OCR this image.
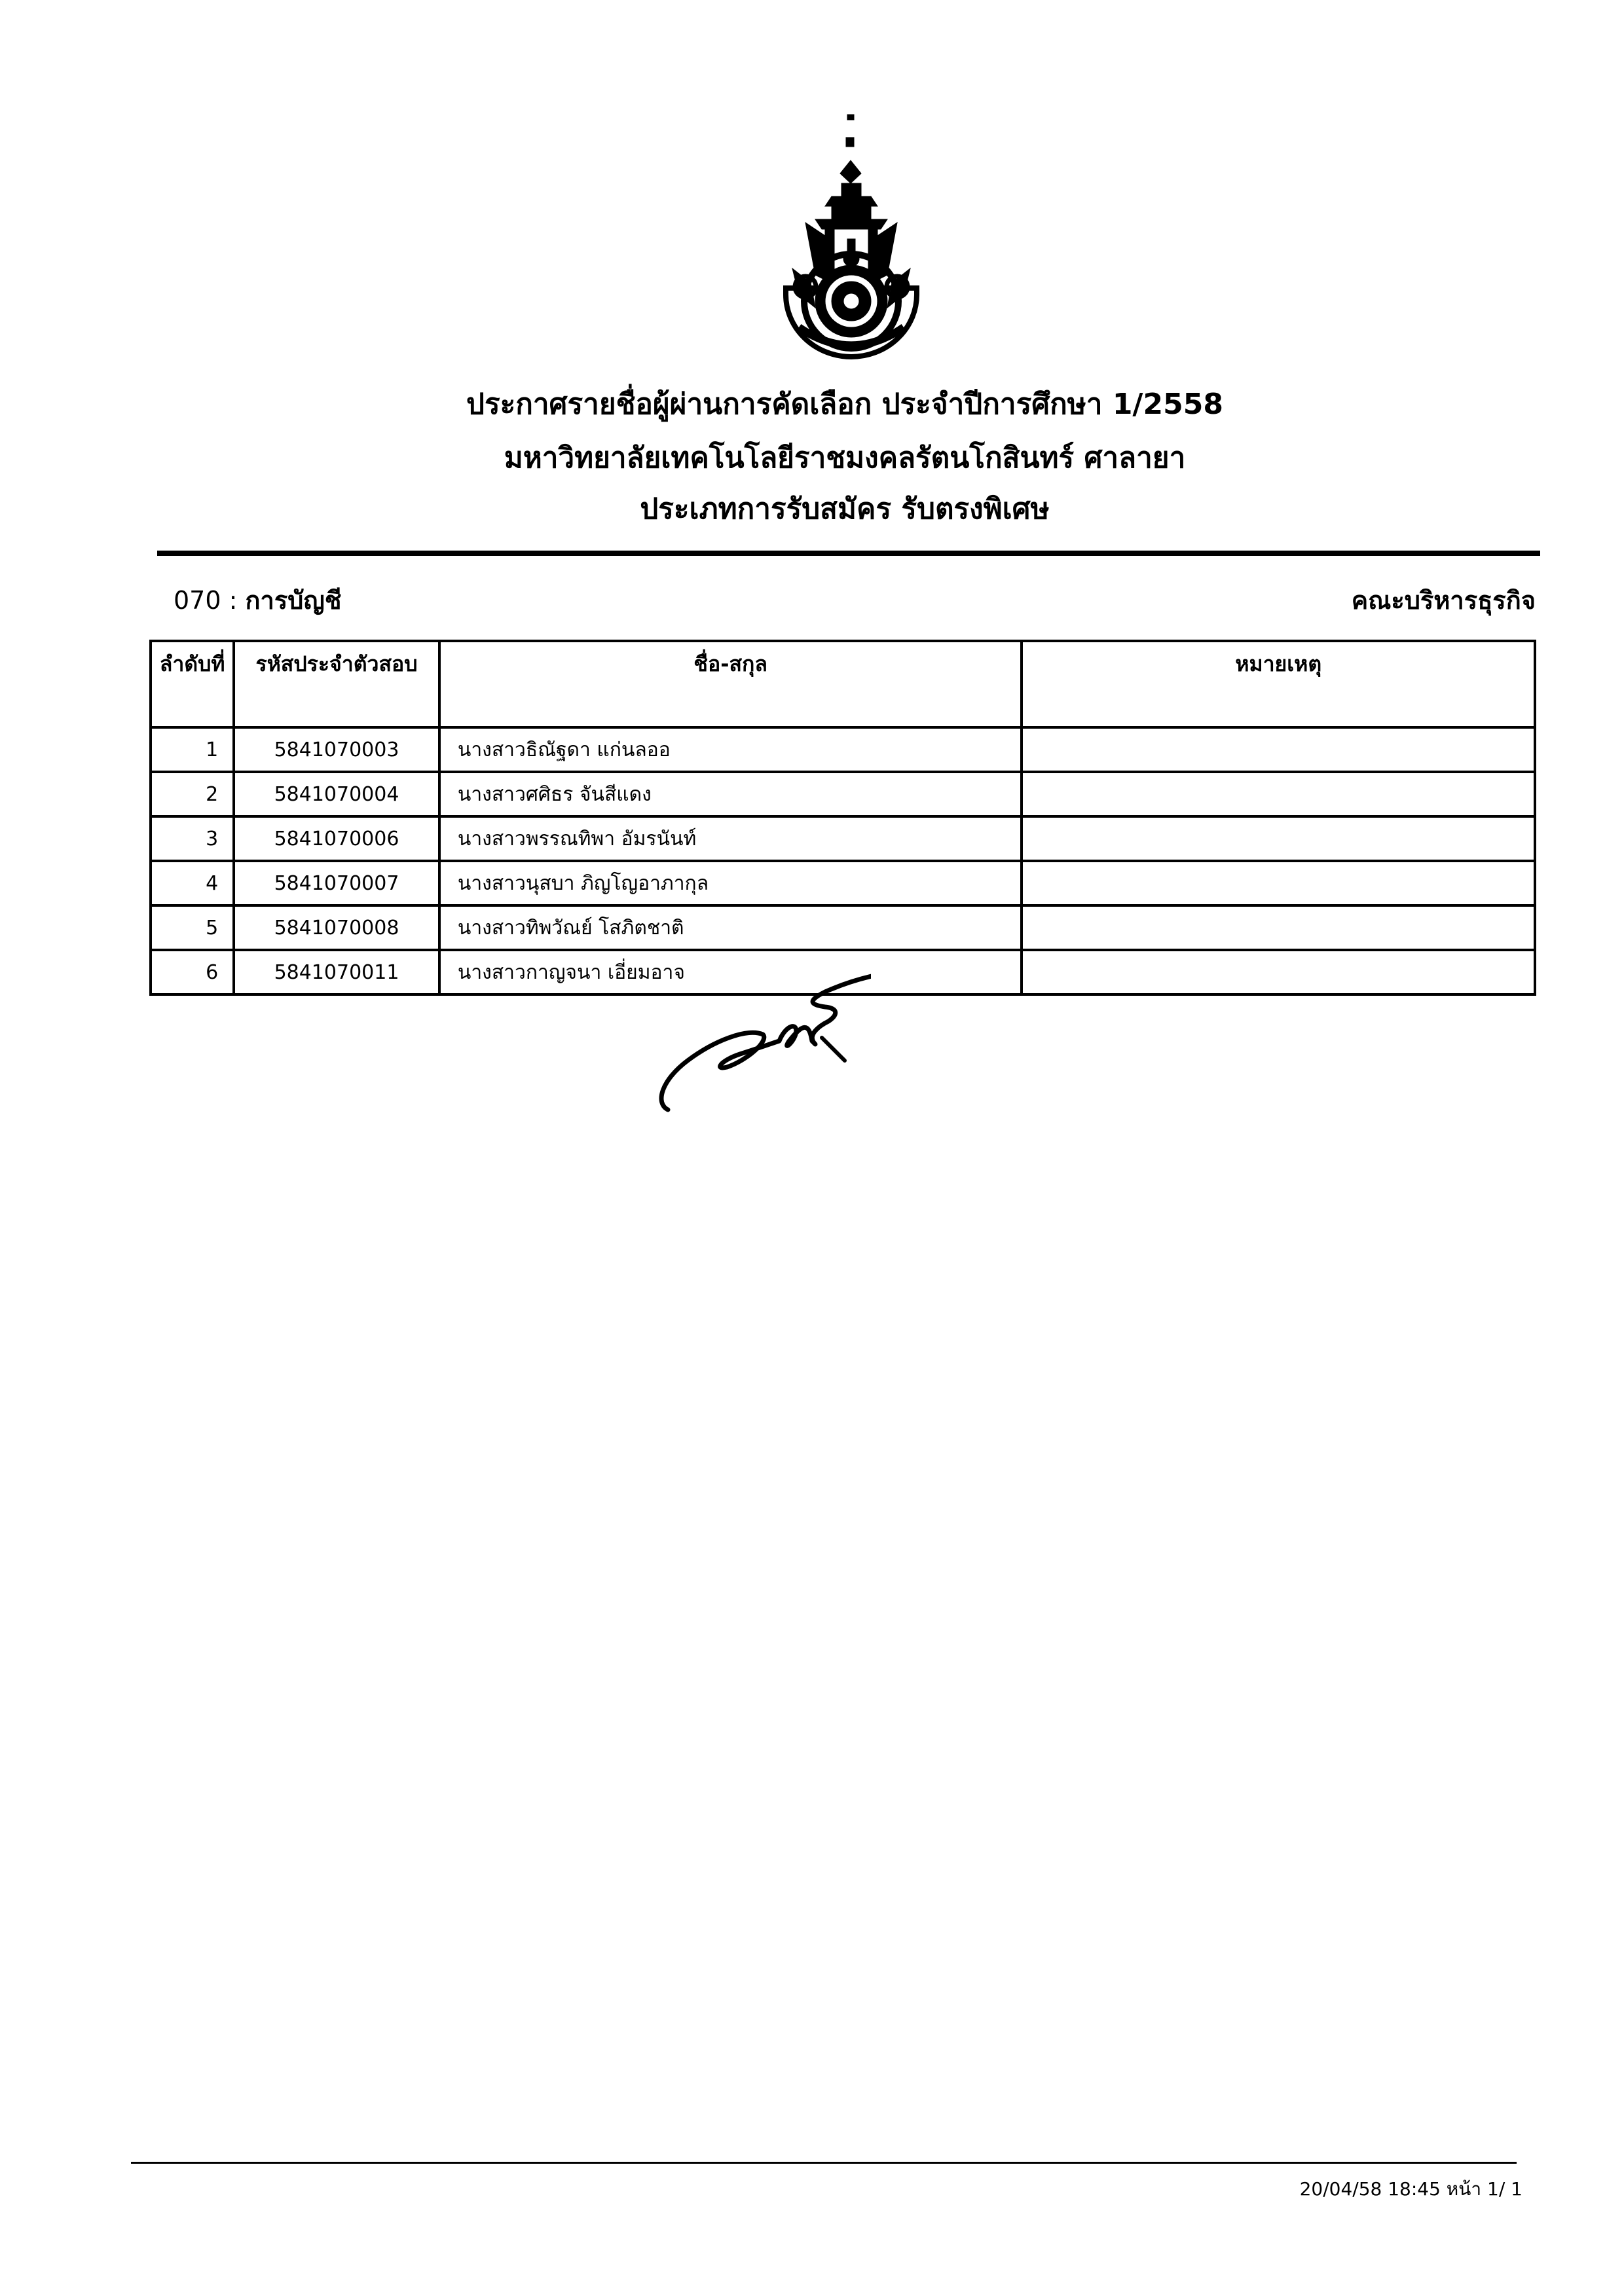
ประกาศรายชื่อผู้ผ่านการคัดเลือก ประจำปีการศึกษา 1/2558
มหาวิทยาลัยเทคโนโลยีราชมงคลรัตนโกสินทร์ ศาลายา
ประเภทการรับสมัคร รับตรงพิเศษ
070 : การบัญชี	คณะบริหารธุรกิจ
ลำดับที่	รหัสประจำตัวสอบ	ชื่อ-สกุล	หมายเหตุ
1	5841070003	นางสาวธิณัฐดา แก่นลออ	
2	5841070004	นางสาวศศิธร จันสีแดง	
3	5841070006	นางสาวพรรณทิพา อัมรนันท์	
4	5841070007	นางสาวนุสบา ภิญโญอาภากุล	
5	5841070008	นางสาวทิพวัณย์ โสภิตชาติ	
6	5841070011	นางสาวกาญจนา เอี่ยมอาจ	
20/04/58 18:45 หน้า 1/ 1
